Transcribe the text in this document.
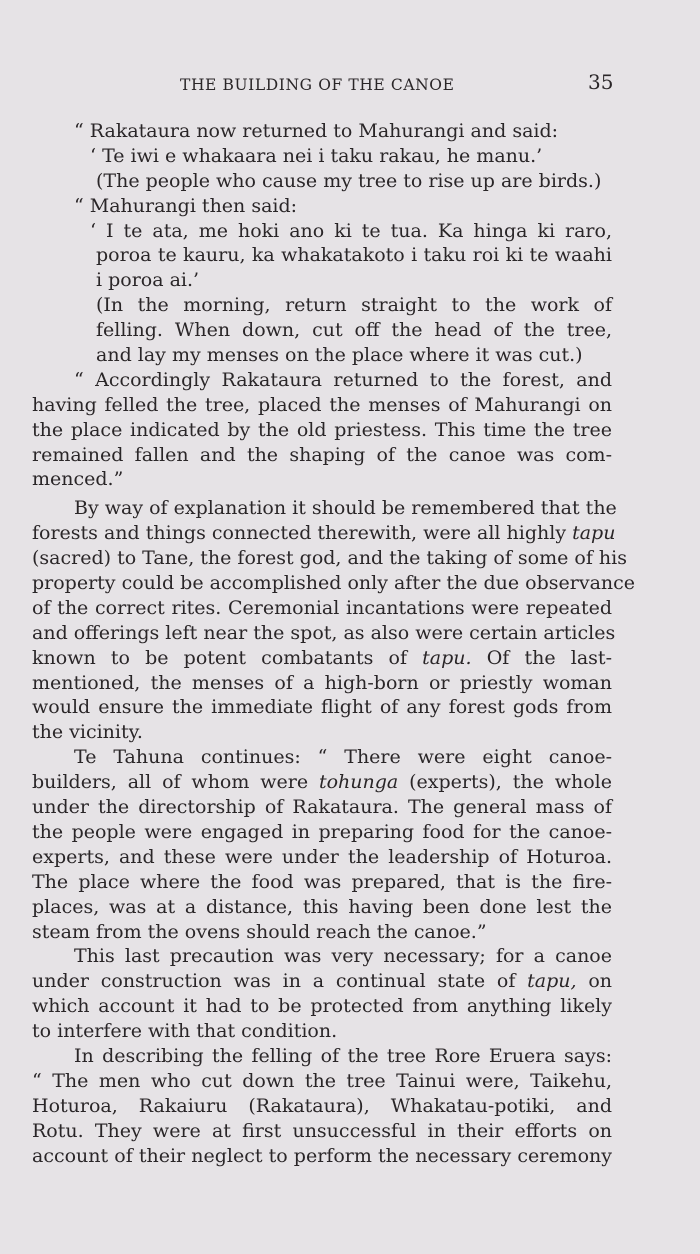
THE BUILDING OF THE CANOE	35
“ Rakataura now returned to Mahurangi and said:
‘ Te iwi e whakaara nei i taku rakau, he manu.’
(The people who cause my tree to rise up are birds.)
“ Mahurangi then said:
‘ I te ata, me hoki ano ki te tua. Ka hinga ki raro,
poroa te kauru, ka whakatakoto i taku roi ki te waahi
i poroa ai.’
(In the morning, return straight to the work of
felling. When down, cut off the head of the tree,
and lay my menses on the place where it was cut.)
“ Accordingly Rakataura returned to the forest, and
having felled the tree, placed the menses of Mahurangi on
the place indicated by the old priestess. This time the tree
remained fallen and the shaping of the canoe was com-
menced.”
By way of explanation it should be remembered that the
forests and things connected therewith, were all highly tapu
(sacred) to Tane, the forest god, and the taking of some of his
property could be accomplished only after the due observance
of the correct rites. Ceremonial incantations were repeated
and offerings left near the spot, as also were certain articles
known to be potent combatants of tapu. Of the last-
mentioned, the menses of a high-born or priestly woman
would ensure the immediate flight of any forest gods from
the vicinity.
Te Tahuna continues: “ There were eight canoe-
builders, all of whom were tohunga (experts), the whole
under the directorship of Rakataura. The general mass of
the people were engaged in preparing food for the canoe-
experts, and these were under the leadership of Hoturoa.
The place where the food was prepared, that is the fire-
places, was at a distance, this having been done lest the
steam from the ovens should reach the canoe.”
This last precaution was very necessary; for a canoe
under construction was in a continual state of tapu, on
which account it had to be protected from anything likely
to interfere with that condition.
In describing the felling of the tree Rore Eruera says:
“ The men who cut down the tree Tainui were, Taikehu,
Hoturoa, Rakaiuru (Rakataura), Whakatau-potiki, and
Rotu. They were at first unsuccessful in their efforts on
account of their neglect to perform the necessary ceremony
